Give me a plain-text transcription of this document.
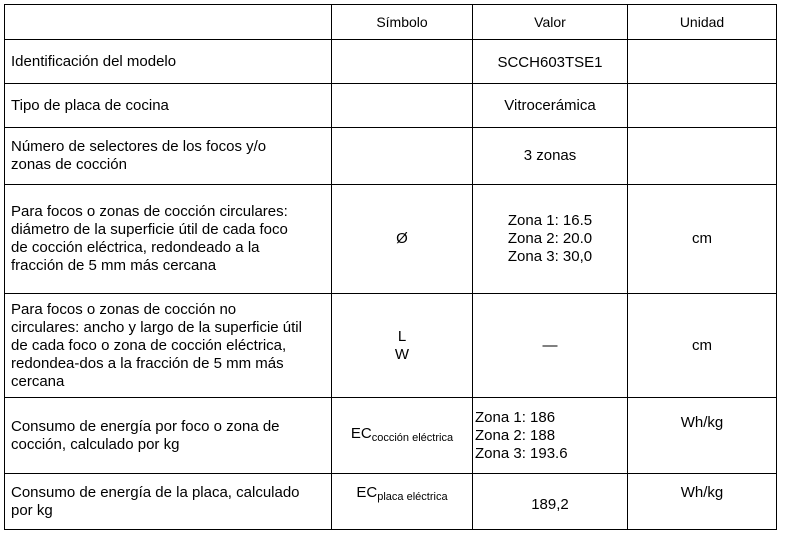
	Símbolo	Valor	Unidad
Identificación del modelo		SCCH603TSE1	
Tipo de placa de cocina		Vitrocerámica	

Número de selectores de los focos y/o
zonas de cocción		3 zonas	

Para focos o zonas de cocción circulares:
diámetro de la superficie útil de cada foco
de cocción eléctrica, redondeado a la
fracción de 5 mm más cercana	Ø	Zona 1: 16.5
Zona 2: 20.0
Zona 3: 30,0	cm

Para focos o zonas de cocción no
circulares: ancho y largo de la superficie útil
de cada foco o zona de cocción eléctrica,
redondea-dos a la fracción de 5 mm más
cercana	L
W	—	cm

Consumo de energía por foco o zona de
cocción, calculado por kg	$EC_{cocción eléctrica}$	Zona 1: 186
Zona 2: 188
Zona 3: 193.6	Wh/kg

Consumo de energía de la placa, calculado
por kg	$EC_{placa eléctrica}$	189,2	Wh/kg
